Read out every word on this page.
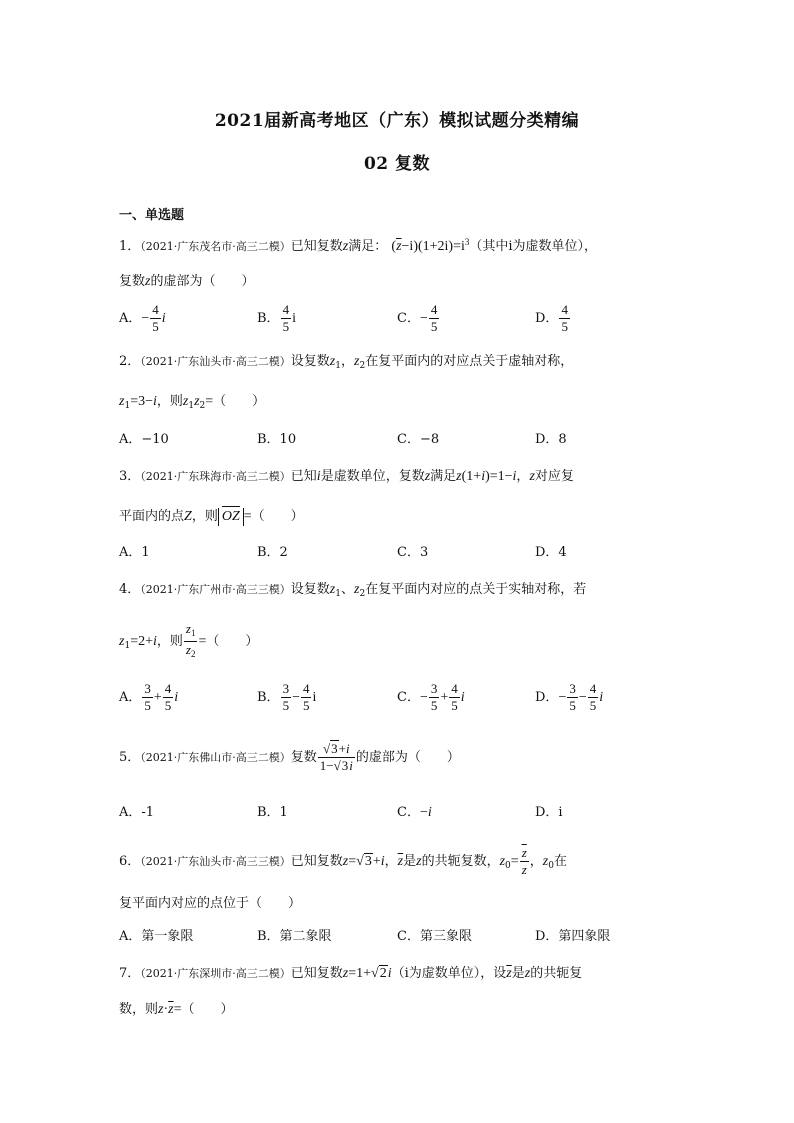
2021届新高考地区（广东）模拟试题分类精编
02 复数
一、单选题
1．（2021·广东茂名市·高三二模）已知复数z满足： $(\overline{z}-i)(1+2i)=i^3$（其中i为虚数单位），
复数z的虚部为（　　）
A．− $\frac{4}{5}$ i	B． $\frac{4}{5}$ i	C．− $\frac{4}{5}$	D． $\frac{4}{5}$
2．（2021·广东汕头市·高三二模）设复数$z_1$，$z_2$在复平面内的对应点关于虚轴对称，
$z_1=3-i$，则$z_1z_2=$（　　）
A．−10	B．10	C．−8	D．8
3．（2021·广东珠海市·高三二模）已知i是虚数单位，复数z满足z(1+i)=1−i，z对应复
平面内的点Z，则 OZ =（　　）
A．1	B．2	C．3	D．4
4．（2021·广东广州市·高三三模）设复数$z_1$、$z_2$在复平面内对应的点关于实轴对称，若
$z_1=2+i$，则 $\frac{z_1}{z_2}$ =（　　）
A． $\frac{3}{5} + \frac{4}{5}$ i	B． $\frac{3}{5} - \frac{4}{5}$ i	C．− $\frac{3}{5} + \frac{4}{5}$ i	D．− $\frac{3}{5} - \frac{4}{5}$ i
5．（2021·广东佛山市·高三二模）复数 $\frac{√3+i}{1-√3i}$ 的虚部为（　　）
A．-1	B．1	C．−i	D．i
6．（2021·广东汕头市·高三三模）已知复数z=√3+i，$\overline{z}$是z的共轭复数，$z_0= \frac{\overline{z}}{z}$ ，$z_0$在
复平面内对应的点位于（　　）
A．第一象限	B．第二象限	C．第三象限	D．第四象限
7．（2021·广东深圳市·高三二模）已知复数z=1+√2i（i为虚数单位），设$\overline{z}$是z的共轭复
数，则$z\cdot\overline{z}=$（　　）
